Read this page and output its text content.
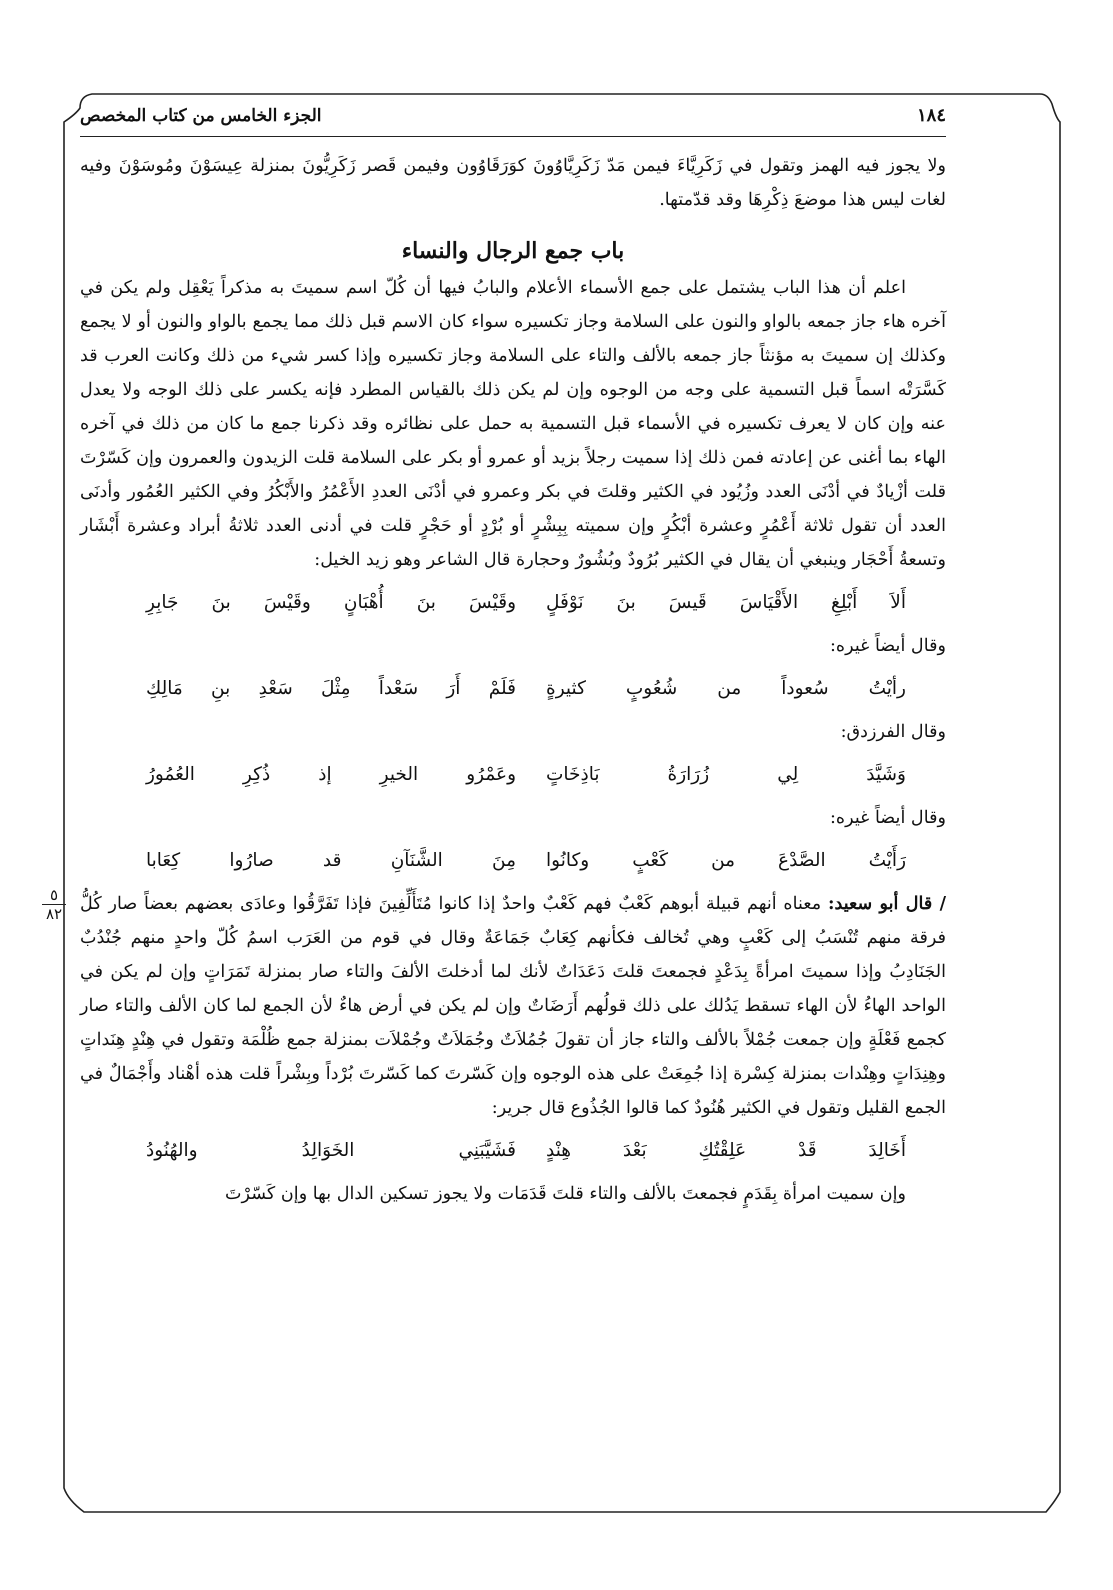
١٨٤
الجزء الخامس من كتاب المخصص

ولا يجوز فيه الهمز وتقول في زَكَرِيَّاءَ فيمن مَدّ زَكَرِيَّاوُونَ كوَرَقَاوُون وفيمن قَصر زَكَرِيُّونَ بمنزلة عِيسَوْنَ ومُوسَوْنَ وفيه لغات ليس هذا موضعَ ذِكْرِهَا وقد قدّمتها.

باب جمع الرجال والنساء

اعلم أن هذا الباب يشتمل على جمع الأسماء الأعلام والبابُ فيها أن كُلّ اسم سميتَ به مذكراً يَعْقِل ولم يكن في آخره هاء جاز جمعه بالواو والنون على السلامة وجاز تكسيره سواء كان الاسم قبل ذلك مما يجمع بالواو والنون أو لا يجمع وكذلك إن سميتَ به مؤنثاً جاز جمعه بالألف والتاء على السلامة وجاز تكسيره وإذا كسر شيء من ذلك وكانت العرب قد كَسَّرَتْه اسماً قبل التسمية على وجه من الوجوه وإن لم يكن ذلك بالقياس المطرد فإنه يكسر على ذلك الوجه ولا يعدل عنه وإن كان لا يعرف تكسيره في الأسماء قبل التسمية به حمل على نظائره وقد ذكرنا جمع ما كان من ذلك في آخره الهاء بما أغنى عن إعادته فمن ذلك إذا سميت رجلاً بزيد أو عمرو أو بكر على السلامة قلت الزيدون والعمرون وإن كَسّرْتَ قلت أزْيادٌ في أدْنَى العدد وزُيُود في الكثير وقلتَ في بكر وعمرو في أدْنَى العددِ الأَعْمُرُ والأَبْكُرُ وفي الكثير العُمُور وأدنَى العدد أن تقول ثلاثة أَعْمُرٍ وعشرة أبْكُرٍ وإن سميته بِبِشْرٍ أو بُرْدٍ أو حَجْرٍ قلت في أدنى العدد ثلاثةُ أبراد وعشرة أَبْشَار وتسعةُ أَحْجَار وينبغي أن يقال في الكثير بُرُودٌ وبُشُورٌ وحجارة قال الشاعر وهو زيد الخيل:

أَلاَ أَبْلِغِ الأَقْيَاسَ قَيسَ بنَ نَوْفَلٍ
وقَيْسَ بنَ أُهْبَانٍ وقَيْسَ بنَ جَابِرِ

وقال أيضاً غيره:

رأيْتُ سُعوداً من شُعُوبٍ كثيرةٍ
فَلَمْ أَرَ سَعْداً مِثْلَ سَعْدِ بنِ مَالِكِ

وقال الفرزدق:

وَشَيَّدَ لِي زُرَارَةُ بَاذِخَاتٍ
وعَمْرُو الخيرِ إذ ذُكِرِ العُمُورُ

وقال أيضاً غيره:

رَأَيْتُ الصَّدْعَ من كَعْبٍ وكانُوا
مِنَ الشَّنَآنِ قد صارُوا كِعَابا
٥
٨٢	/ قال أبو سعيد: معناه أنهم قبيلة أبوهم كَعْبٌ فهم كَعْبٌ واحدٌ إذا كانوا مُتَأَلِّفِينَ فإذا تَفَرَّقُوا وعادَى بعضهم بعضاً صار كُلُّ فرقة منهم تُنْسَبُ إلى كَعْبٍ وهي تُخالف فكأنهم كِعَابٌ جَمَاعَةٌ وقال في قوم من العَرَب اسمُ كُلّ واحدٍ منهم جُنْدُبٌ الجَنَادِبُ وإذا سميتَ امرأةً بِدَعْدٍ فجمعتَ قلتَ دَعَدَاتٌ لأنك لما أدخلتَ الألفَ والتاء صار بمنزلة تَمَرَاتٍ وإن لم يكن في الواحد الهاءُ لأن الهاء تسقط يَدُلك على ذلك قولُهم أَرَضَاتٌ وإن لم يكن في أرض هاءٌ لأن الجمع لما كان الألف والتاء صار كجمع فَعْلَةٍ وإن جمعت جُمْلاً بالألف والتاء جاز أن تقولَ جُمُلاَتٌ وجُمَلاَتٌ وجُمْلاَت بمنزلة جمع ظُلْمَة وتقول في هِنْدٍ هِنَداتٍ وهِنِدَاتٍ وهِنْدات بمنزلة كِسْرة إذا جُمِعَتْ على هذه الوجوه وإن كَسّرتَ كما كَسّرتَ بُرْداً وبِشْراً قلت هذه أهْناد وأَجْمَالٌ في الجمع القليل وتقول في الكثير هُنُودٌ كما قالوا الجُذُوع قال جرير:

أَخَالِدَ قَدْ عَلِقْتُكِ بَعْدَ هِنْدٍ
فَشَيَّبَنِي الخَوَالِدُ والهُنُودُ

وإن سميت امرأة بِقَدَمٍ فجمعتَ بالألف والتاء قلتَ قَدَمَات ولا يجوز تسكين الدال بها وإن كَسّرْتَ
